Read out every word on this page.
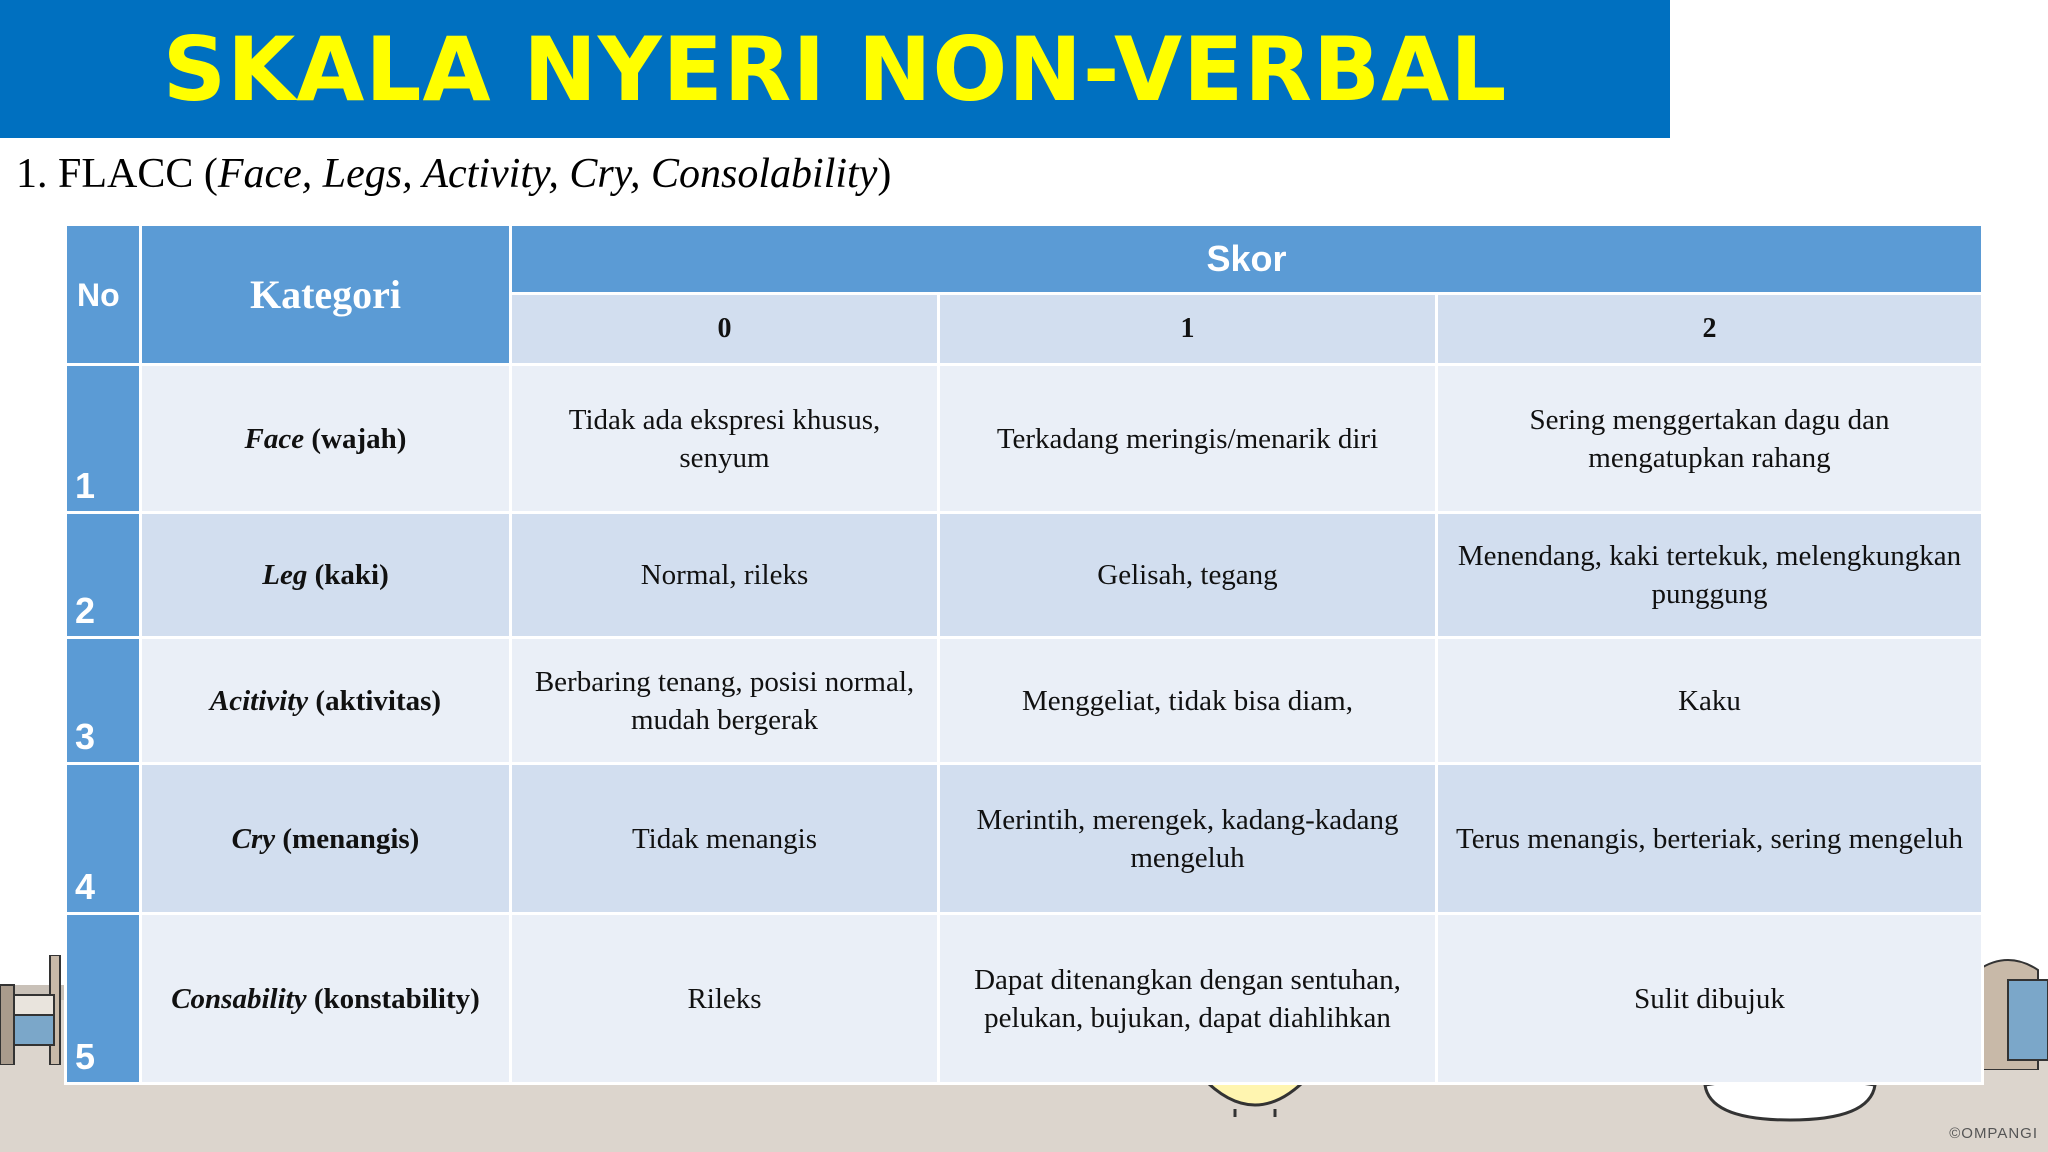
©OMPANGI
SKALA NYERI NON-VERBAL
1. FLACC (Face, Legs, Activity, Cry, Consolability)
No	Kategori	Skor		
		0	1	2
1	Face (wajah)	Tidak ada ekspresi khusus, senyum	Terkadang meringis/menarik diri	Sering menggertakan dagu dan mengatupkan rahang
2	Leg (kaki)	Normal, rileks	Gelisah, tegang	Menendang, kaki tertekuk, melengkungkan punggung
3	Acitivity (aktivitas)	Berbaring tenang, posisi normal, mudah bergerak	Menggeliat, tidak bisa diam,	Kaku
4	Cry (menangis)	Tidak menangis	Merintih, merengek, kadang-kadang mengeluh	Terus menangis, berteriak, sering mengeluh
5	Consability (konstability)	Rileks	Dapat ditenangkan dengan sentuhan, pelukan, bujukan, dapat diahlihkan	Sulit dibujuk
